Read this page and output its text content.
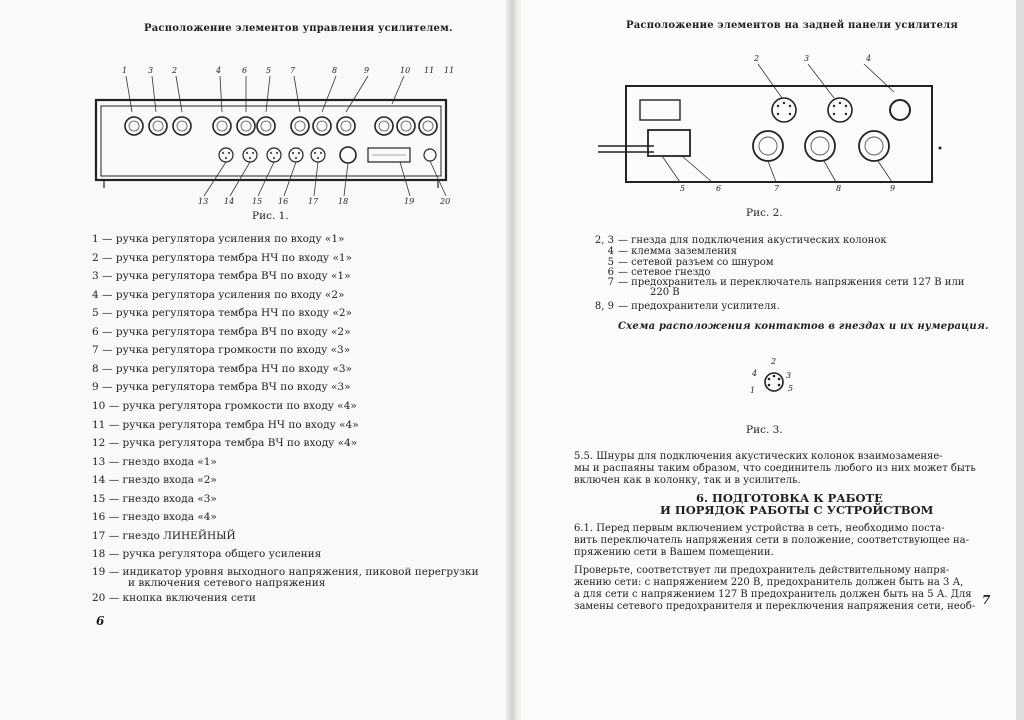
Расположение элементов управления усилителем.
1	3 2	4	6 5 7	8	9	10 11 11
13 14 15 16 17 18	19	20
Рис. 1.
1 — ручка регулятора усиления по входу «1»
2 — ручка регулятора тембра НЧ по входу «1»
3 — ручка регулятора тембра ВЧ по входу «1»
4 — ручка регулятора усиления по входу «2»
5 — ручка регулятора тембра НЧ по входу «2»
6 — ручка регулятора тембра ВЧ по входу «2»
7 — ручка регулятора громкости по входу «3»
8 — ручка регулятора тембра НЧ по входу «3»
9 — ручка регулятора тембра ВЧ по входу «3»
10 — ручка регулятора громкости по входу «4»
11 — ручка регулятора тембра НЧ по входу «4»
12 — ручка регулятора тембра ВЧ по входу «4»
13 — гнездо входа «1»
14 — гнездо входа «2»
15 — гнездо входа «3»
16 — гнездо входа «4»
17 — гнездо ЛИНЕЙНЫЙ
18 — ручка регулятора общего усиления
19 — индикатор уровня выходного напряжения, пиковой перегрузки
и включения сетевого напряжения
20 — кнопка включения сети
6
Расположение элементов на задней панели усилителя
2	3	4
5	6	7	8	9
Рис. 2.
2, 3 — гнезда для подключения акустических колонок
4 — клемма заземления
5 — сетевой разъем со шнуром
6 — сетевое гнездо
7 — предохранитель и переключатель напряжения сети 127 В или
220 В
8, 9 — предохранители усилителя.
Схема расположения контактов в гнездах и их нумерация.
2
4	3
1	5
Рис. 3.
5.5. Шнуры для подключения акустических колонок взаимозаменяе-
мы и распаяны таким образом, что соединитель любого из них может быть
включен как в колонку, так и в усилитель.
6. ПОДГОТОВКА К РАБОТЕ
И ПОРЯДОК РАБОТЫ С УСТРОЙСТВОМ
6.1. Перед первым включением устройства в сеть, необходимо поста-
вить переключатель напряжения сети в положение, соответствующее на-
пряжению сети в Вашем помещении.
Проверьте, соответствует ли предохранитель действительному напря-
жению сети: с напряжением 220 В, предохранитель должен быть на 3 А,
а для сети с напряжением 127 В предохранитель должен быть на 5 А. Для
замены сетевого предохранителя и переключения напряжения сети, необ- 7
